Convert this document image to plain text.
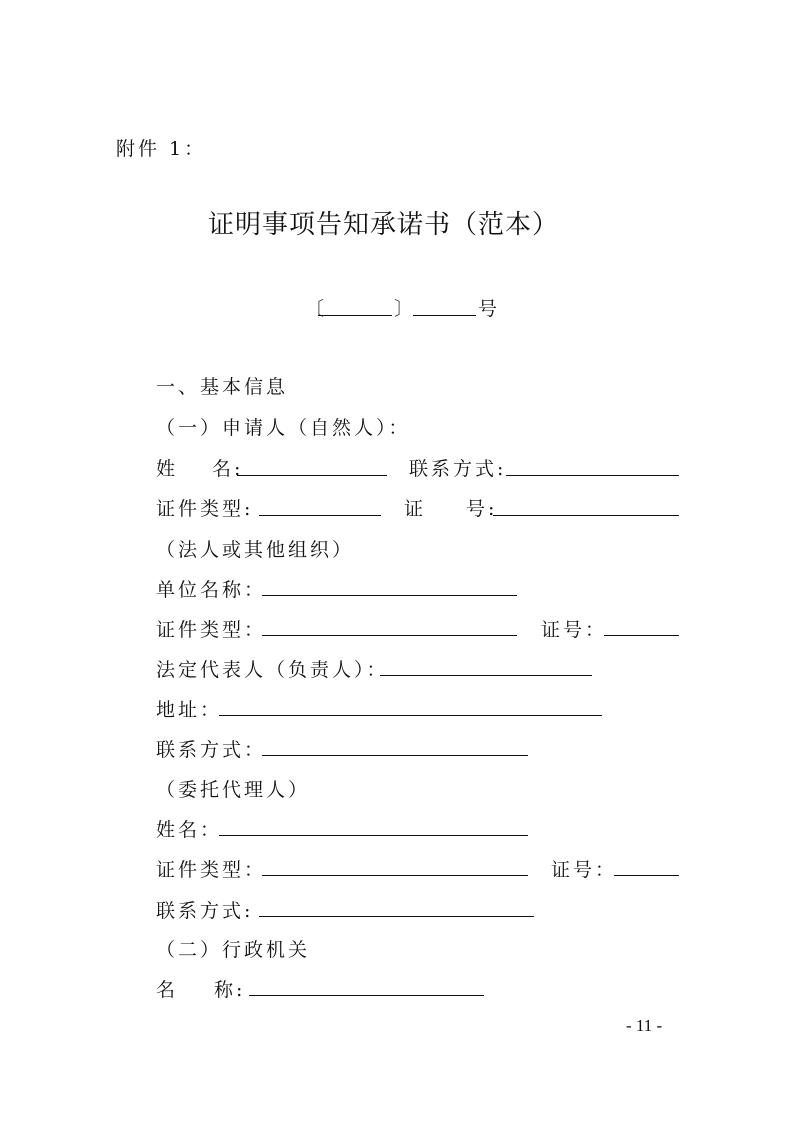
附件 1：
证明事项告知承诺书（范本）
〔	〕	号
一、基本信息
（一）申请人（自然人）：
姓 名:	联系方式:
证件类型:	证 号:
（法人或其他组织）
单位名称：
证件类型：	证号：
法定代表人（负责人）：
地址：
联系方式：
（委托代理人）
姓名：
证件类型：	证号：
联系方式:
（二）行政机关
名 称:
- 11 -
